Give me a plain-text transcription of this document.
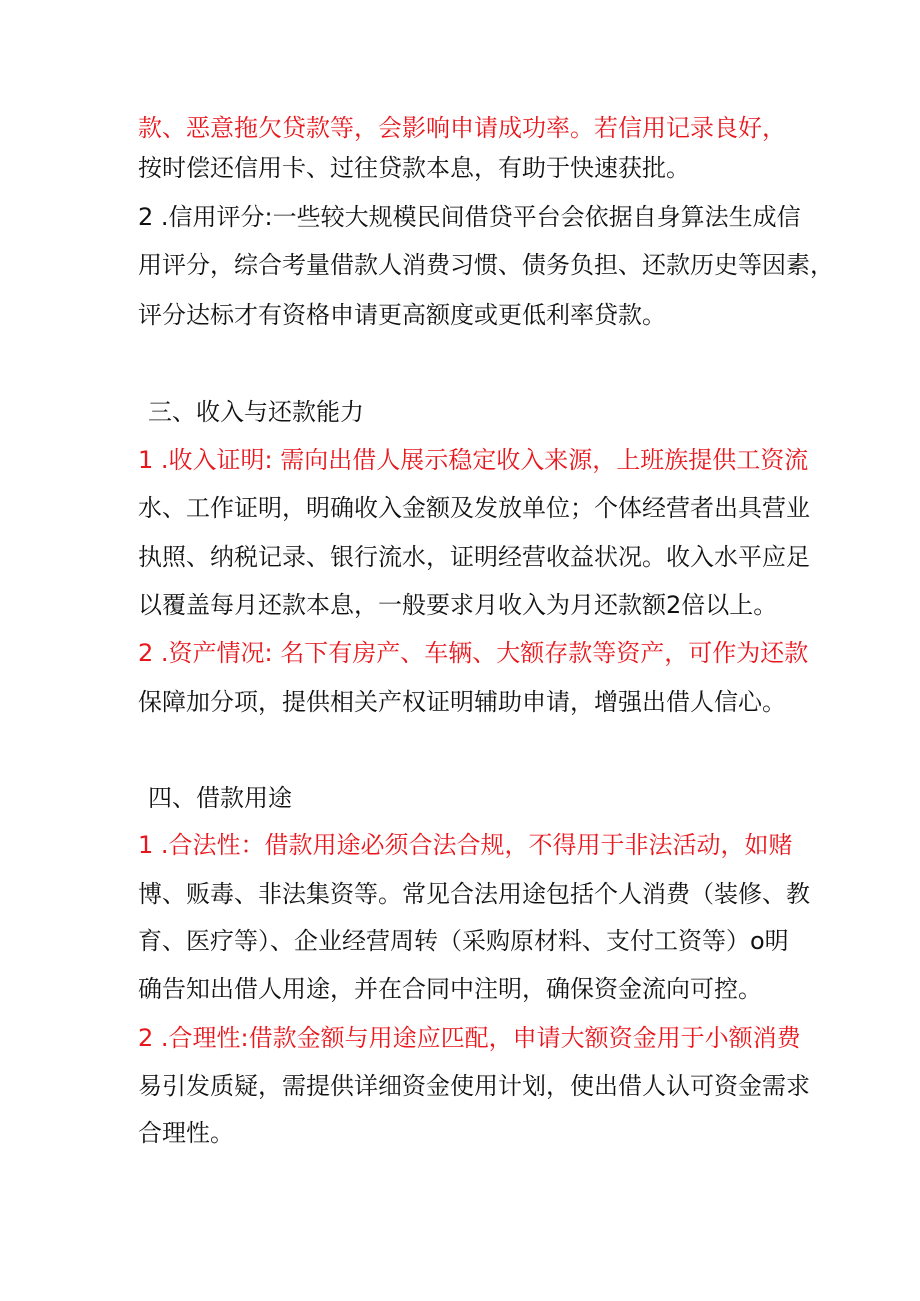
款、恶意拖欠贷款等，会影响申请成功率。若信用记录良好，

按时偿还信用卡、过往贷款本息，有助于快速获批。

2 .信用评分:一些较大规模民间借贷平台会依据自身算法生成信

用评分，综合考量借款人消费习惯、债务负担、还款历史等因素，

评分达标才有资格申请更高额度或更低利率贷款。

三、收入与还款能力

1 .收入证明: 需向出借人展示稳定收入来源，上班族提供工资流

水、工作证明，明确收入金额及发放单位；个体经营者出具营业

执照、纳税记录、银行流水，证明经营收益状况。收入水平应足

以覆盖每月还款本息，一般要求月收入为月还款额2倍以上。

2 .资产情况: 名下有房产、车辆、大额存款等资产，可作为还款

保障加分项，提供相关产权证明辅助申请，增强出借人信心。

四、借款用途

1 .合法性：借款用途必须合法合规，不得用于非法活动，如赌

博、贩毒、非法集资等。常见合法用途包括个人消费（装修、教

育、医疗等）、企业经营周转（采购原材料、支付工资等）o明

确告知出借人用途，并在合同中注明，确保资金流向可控。

2 .合理性:借款金额与用途应匹配，申请大额资金用于小额消费

易引发质疑，需提供详细资金使用计划，使出借人认可资金需求

合理性。
